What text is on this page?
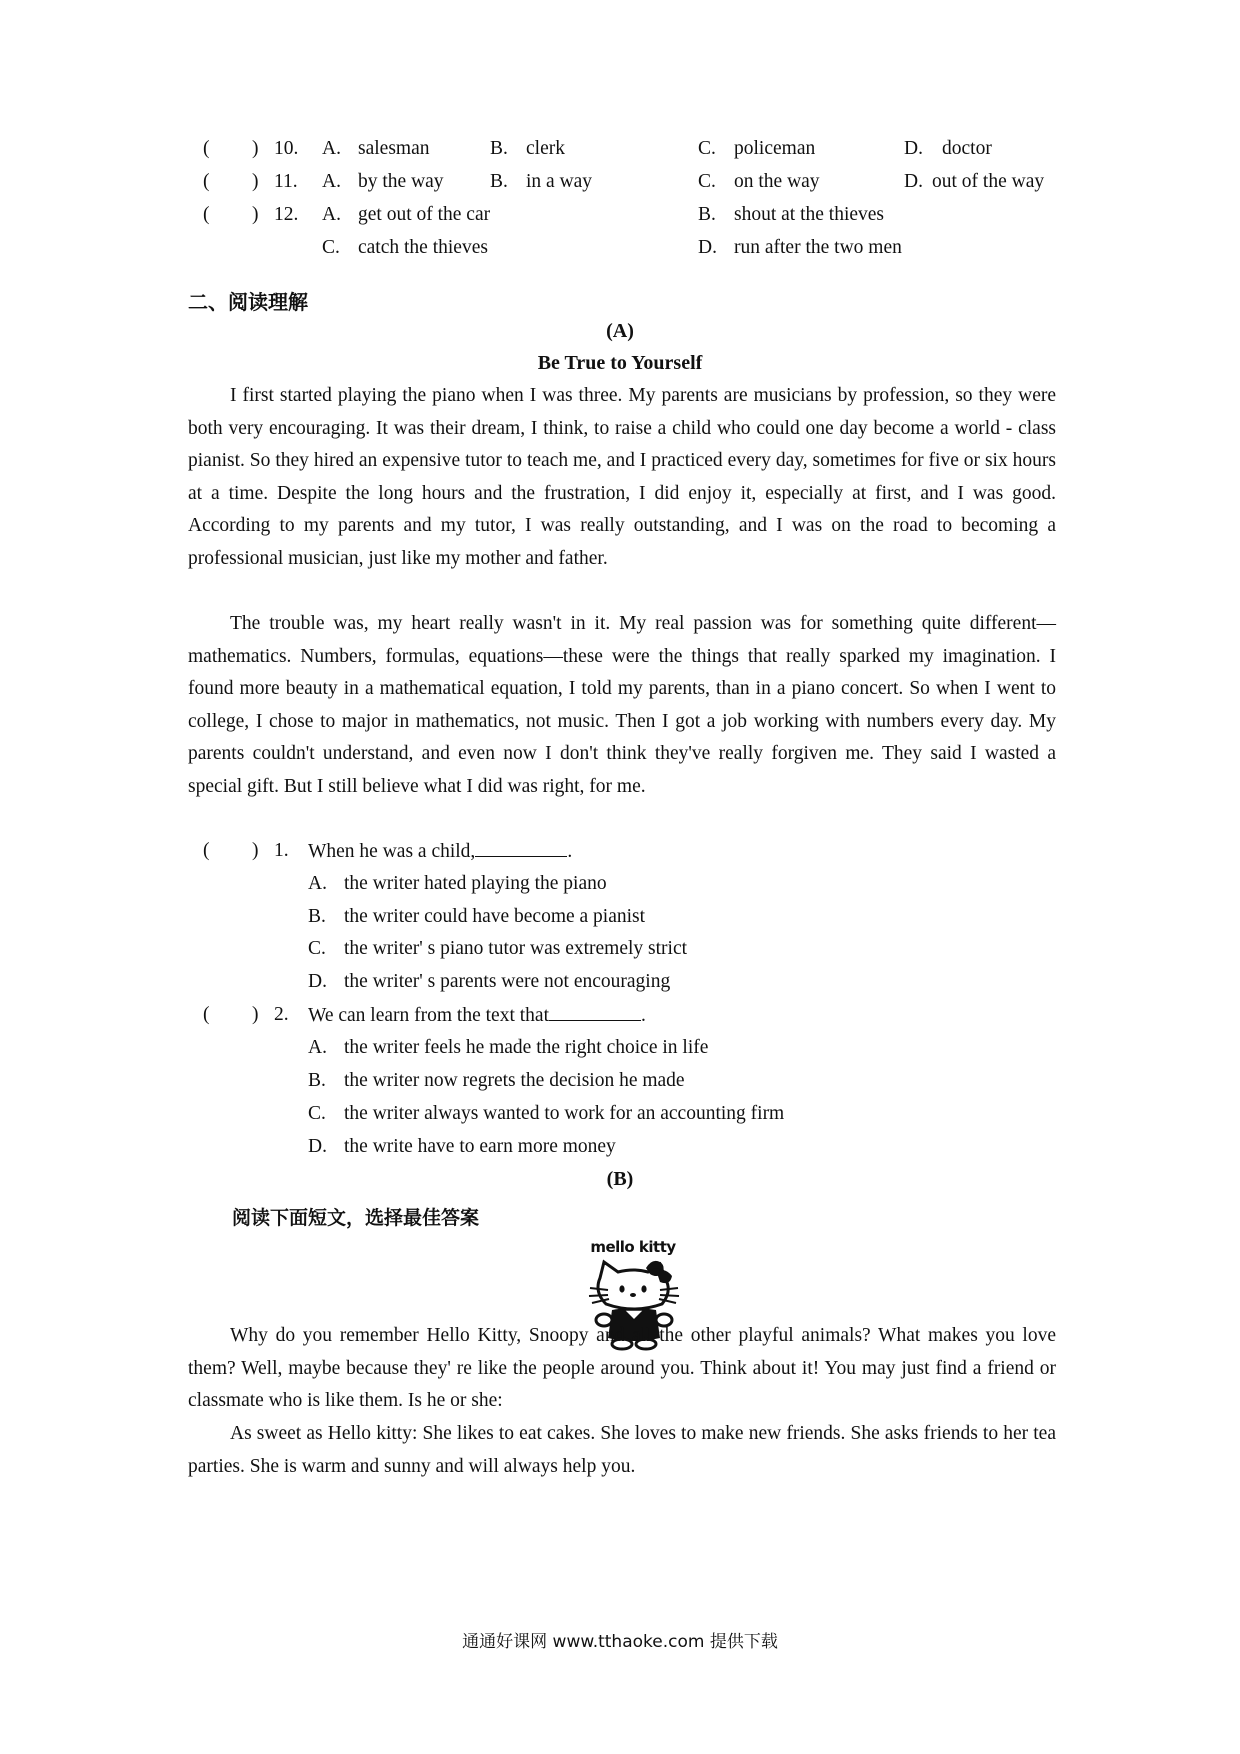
( ) 10. A. salesman	B. clerk	C. policeman	D. doctor
( ) 11. A. by the way B. in a way	C. on the way	D. out of the way
( ) 12. A. get out of the car	B. shout at the thieves
C. catch the thieves	D. run after the two men
二、阅读理解
(A)
Be True to Yourself
I first started playing the piano when I was three. My parents are musicians by profession, so they were both very encouraging. It was their dream, I think, to raise a child who could one day become a world - class pianist. So they hired an expensive tutor to teach me, and I practiced every day, sometimes for five or six hours at a time. Despite the long hours and the frustration, I did enjoy it, especially at first, and I was good. According to my parents and my tutor, I was really outstanding, and I was on the road to becoming a professional musician, just like my mother and father.
The trouble was, my heart really wasn't in it. My real passion was for something quite different—mathematics. Numbers, formulas, equations—these were the things that really sparked my imagination. I found more beauty in a mathematical equation, I told my parents, than in a piano concert. So when I went to college, I chose to major in mathematics, not music. Then I got a job working with numbers every day. My parents couldn't understand, and even now I don't think they've really forgiven me. They said I wasted a special gift. But I still believe what I did was right, for me.
( ) 1. When he was a child,	.
A. the writer hated playing the piano
B. the writer could have become a pianist
C. the writer' s piano tutor was extremely strict
D. the writer' s parents were not encouraging
( ) 2. We can learn from the text that	.
A. the writer feels he made the right choice in life
B. the writer now regrets the decision he made
C. the writer always wanted to work for an accounting firm
D. the write have to earn more money
(B)
阅读下面短文，选择最佳答案
mello kitty
Why do you remember Hello Kitty, Snoopy and all the other playful animals? What makes you love them? Well, maybe because they' re like the people around you. Think about it! You may just find a friend or classmate who is like them. Is he or she:
As sweet as Hello kitty: She likes to eat cakes. She loves to make new friends. She asks friends to her tea parties. She is warm and sunny and will always help you.
通通好课网 www.tthaoke.com 提供下载
